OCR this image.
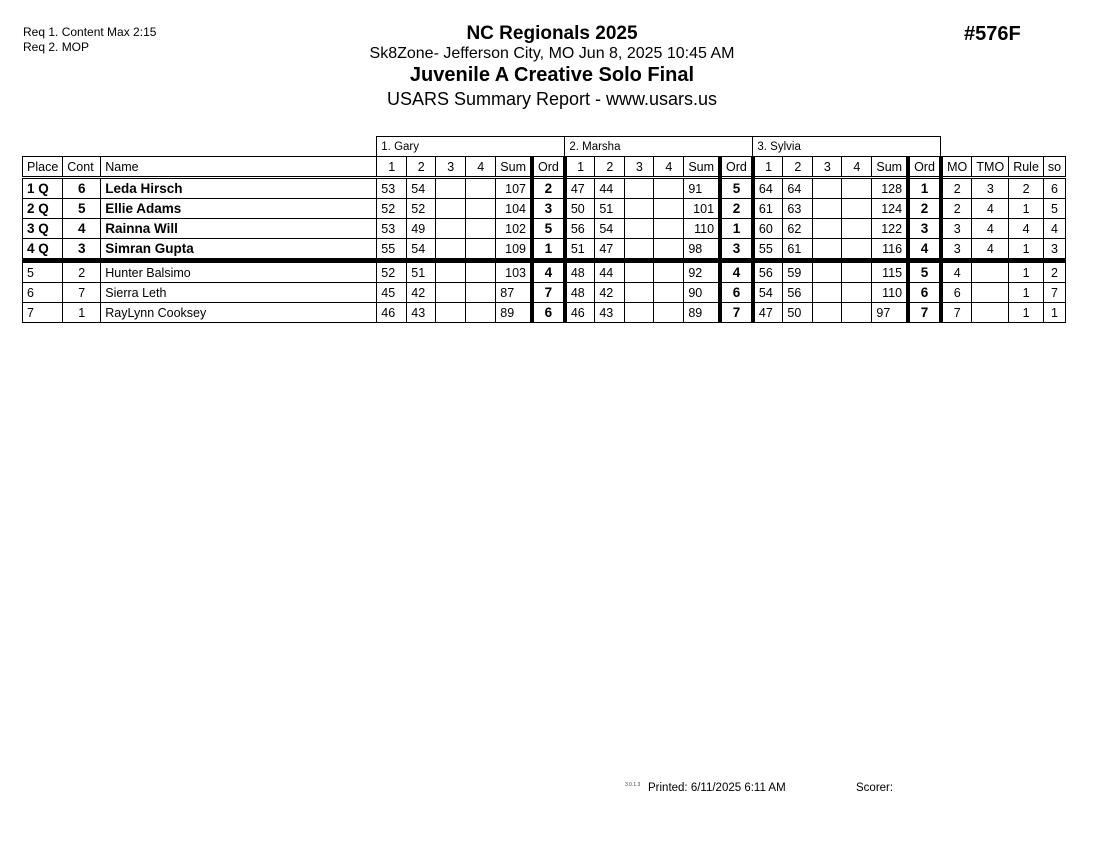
Req 1. Content Max 2:15
Req 2. MOP
NC Regionals 2025
Sk8Zone- Jefferson City, MO Jun 8, 2025 10:45 AM
Juvenile A Creative Solo Final
USARS Summary Report - www.usars.us
#576F
			1. Gary						2. Marsha						3. Sylvia									
Place	Cont	Name	1	2	3	4	Sum	Ord	1	2	3	4	Sum	Ord	1	2	3	4	Sum	Ord	MO	TMO	Rule	so
1 Q	6	Leda Hirsch	53	54			107	2	47	44			91	5	64	64			128	1	2	3	2	6
2 Q	5	Ellie Adams	52	52			104	3	50	51			101	2	61	63			124	2	2	4	1	5
3 Q	4	Rainna Will	53	49			102	5	56	54			110	1	60	62			122	3	3	4	4	4
4 Q	3	Simran Gupta	55	54			109	1	51	47			98	3	55	61			116	4	3	4	1	3
5	2	Hunter Balsimo	52	51			103	4	48	44			92	4	56	59			115	5	4		1	2
6	7	Sierra Leth	45	42			87	7	48	42			90	6	54	56			110	6	6		1	7
7	1	RayLynn Cooksey	46	43			89	6	46	43			89	7	47	50			97	7	7		1	1
3.0.1.3 Printed: 6/11/2025 6:11 AM	Scorer:
